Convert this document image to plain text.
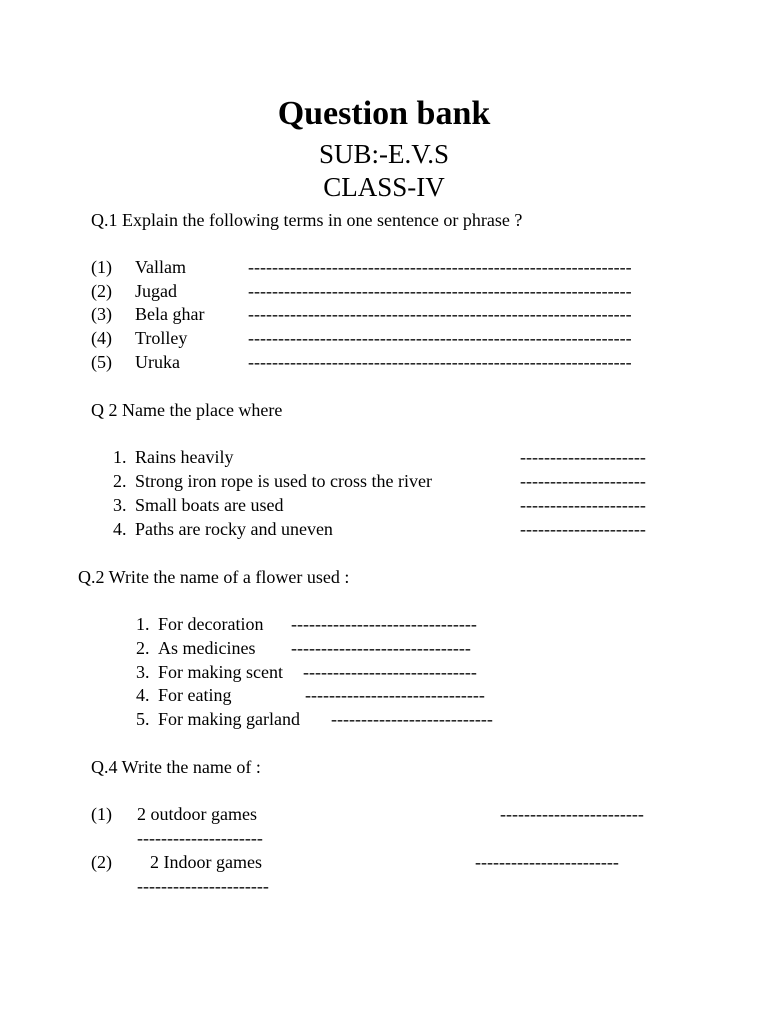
Question bank
SUB:-E.V.S
CLASS-IV
Q.1 Explain the following terms in one sentence or phrase ?
(1) Vallam	----------------------------------------------------------------
(2) Jugad	----------------------------------------------------------------
(3) Bela ghar ----------------------------------------------------------------
(4) Trolley	----------------------------------------------------------------
(5) Uruka	----------------------------------------------------------------
Q 2 Name the place where
1. Rains heavily	---------------------
2. Strong iron rope is used to cross the river	---------------------
3. Small boats are used	---------------------
4. Paths are rocky and uneven	---------------------
Q.2 Write the name of a flower used :
1. For decoration -------------------------------
2. As medicines ------------------------------
3. For making scent -----------------------------
4. For eating	------------------------------
5. For making garland ---------------------------
Q.4 Write the name of :
(1) 2 outdoor games	------------------------
---------------------
(2) 2 Indoor games	------------------------
----------------------
